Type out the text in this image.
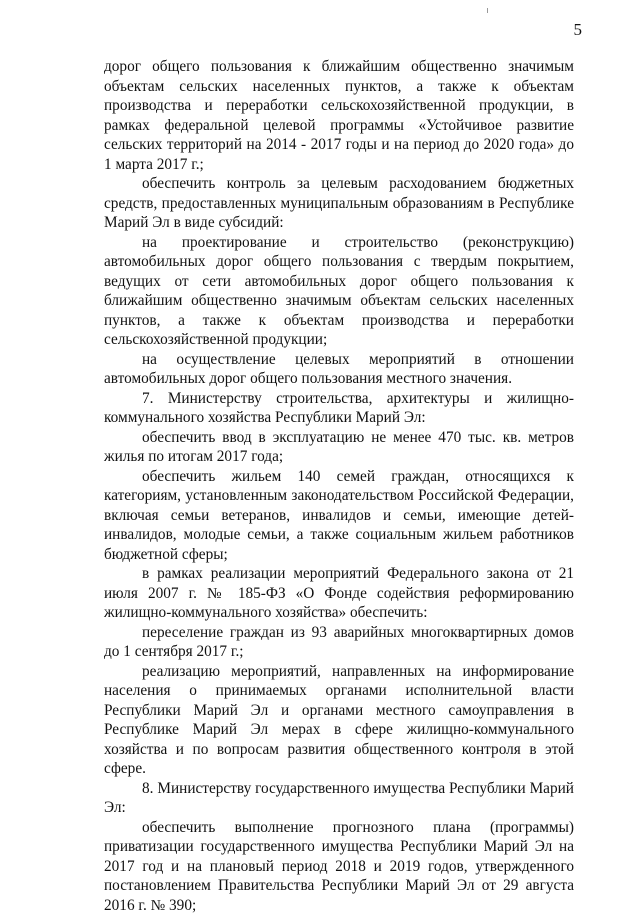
5

дорог общего пользования к ближайшим общественно значимым объектам сельских населенных пунктов, а также к объектам производства и переработки сельскохозяйственной продукции, в рамках федеральной целевой программы «Устойчивое развитие сельских территорий на 2014 - 2017 годы и на период до 2020 года» до 1 марта 2017 г.;

обеспечить контроль за целевым расходованием бюджетных средств, предоставленных муниципальным образованиям в Республике Марий Эл в виде субсидий:

на проектирование и строительство (реконструкцию) автомобильных дорог общего пользования с твердым покрытием, ведущих от сети автомобильных дорог общего пользования к ближайшим общественно значимым объектам сельских населенных пунктов, а также к объектам производства и переработки сельскохозяйственной продукции;

на осуществление целевых мероприятий в отношении автомобильных дорог общего пользования местного значения.

7. Министерству строительства, архитектуры и жилищно-коммунального хозяйства Республики Марий Эл:

обеспечить ввод в эксплуатацию не менее 470 тыс. кв. метров жилья по итогам 2017 года;

обеспечить жильем 140 семей граждан, относящихся к категориям, установленным законодательством Российской Федерации, включая семьи ветеранов, инвалидов и семьи, имеющие детей-инвалидов, молодые семьи, а также социальным жильем работников бюджетной сферы;

в рамках реализации мероприятий Федерального закона от 21 июля 2007 г. № 185-ФЗ «О Фонде содействия реформированию жилищно-коммунального хозяйства» обеспечить:

переселение граждан из 93 аварийных многоквартирных домов до 1 сентября 2017 г.;

реализацию мероприятий, направленных на информирование населения о принимаемых органами исполнительной власти Республики Марий Эл и органами местного самоуправления в Республике Марий Эл мерах в сфере жилищно-коммунального хозяйства и по вопросам развития общественного контроля в этой сфере.

8. Министерству государственного имущества Республики Марий Эл:

обеспечить выполнение прогнозного плана (программы) приватизации государственного имущества Республики Марий Эл на 2017 год и на плановый период 2018 и 2019 годов, утвержденного постановлением Правительства Республики Марий Эл от 29 августа 2016 г. № 390;
